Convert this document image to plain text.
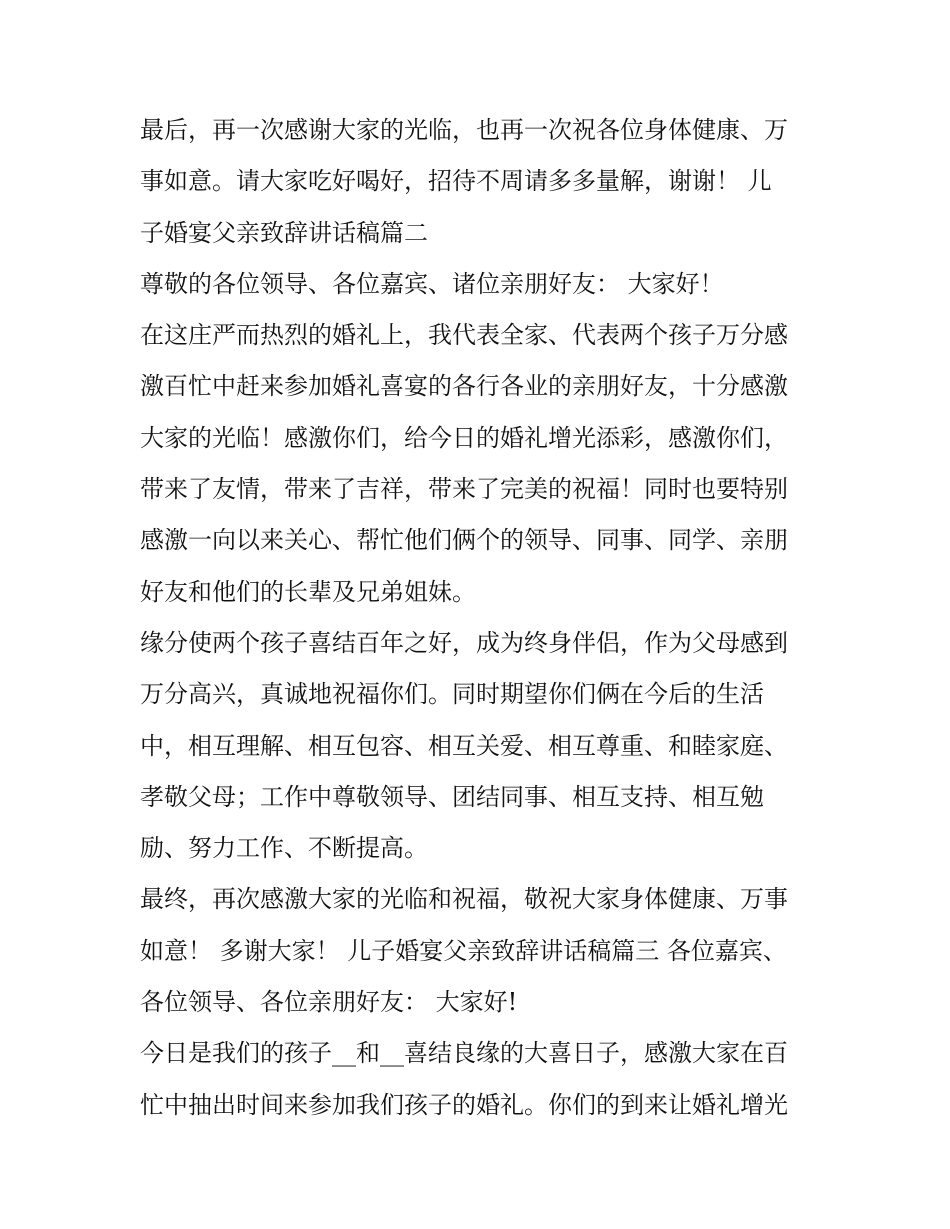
最后，再一次感谢大家的光临，也再一次祝各位身体健康、万
事如意。请大家吃好喝好，招待不周请多多量解，谢谢！ 儿
子婚宴父亲致辞讲话稿篇二
尊敬的各位领导、各位嘉宾、诸位亲朋好友： 大家好！
在这庄严而热烈的婚礼上，我代表全家、代表两个孩子万分感
激百忙中赶来参加婚礼喜宴的各行各业的亲朋好友，十分感激
大家的光临！感激你们，给今日的婚礼增光添彩，感激你们，
带来了友情，带来了吉祥，带来了完美的祝福！同时也要特别
感激一向以来关心、帮忙他们俩个的领导、同事、同学、亲朋
好友和他们的长辈及兄弟姐妹。
缘分使两个孩子喜结百年之好，成为终身伴侣，作为父母感到
万分高兴，真诚地祝福你们。同时期望你们俩在今后的生活
中，相互理解、相互包容、相互关爱、相互尊重、和睦家庭、
孝敬父母；工作中尊敬领导、团结同事、相互支持、相互勉
励、努力工作、不断提高。
最终，再次感激大家的光临和祝福，敬祝大家身体健康、万事
如意！ 多谢大家！ 儿子婚宴父亲致辞讲话稿篇三 各位嘉宾、
各位领导、各位亲朋好友： 大家好!
今日是我们的孩子__和__喜结良缘的大喜日子，感激大家在百
忙中抽出时间来参加我们孩子的婚礼。你们的到来让婚礼增光
